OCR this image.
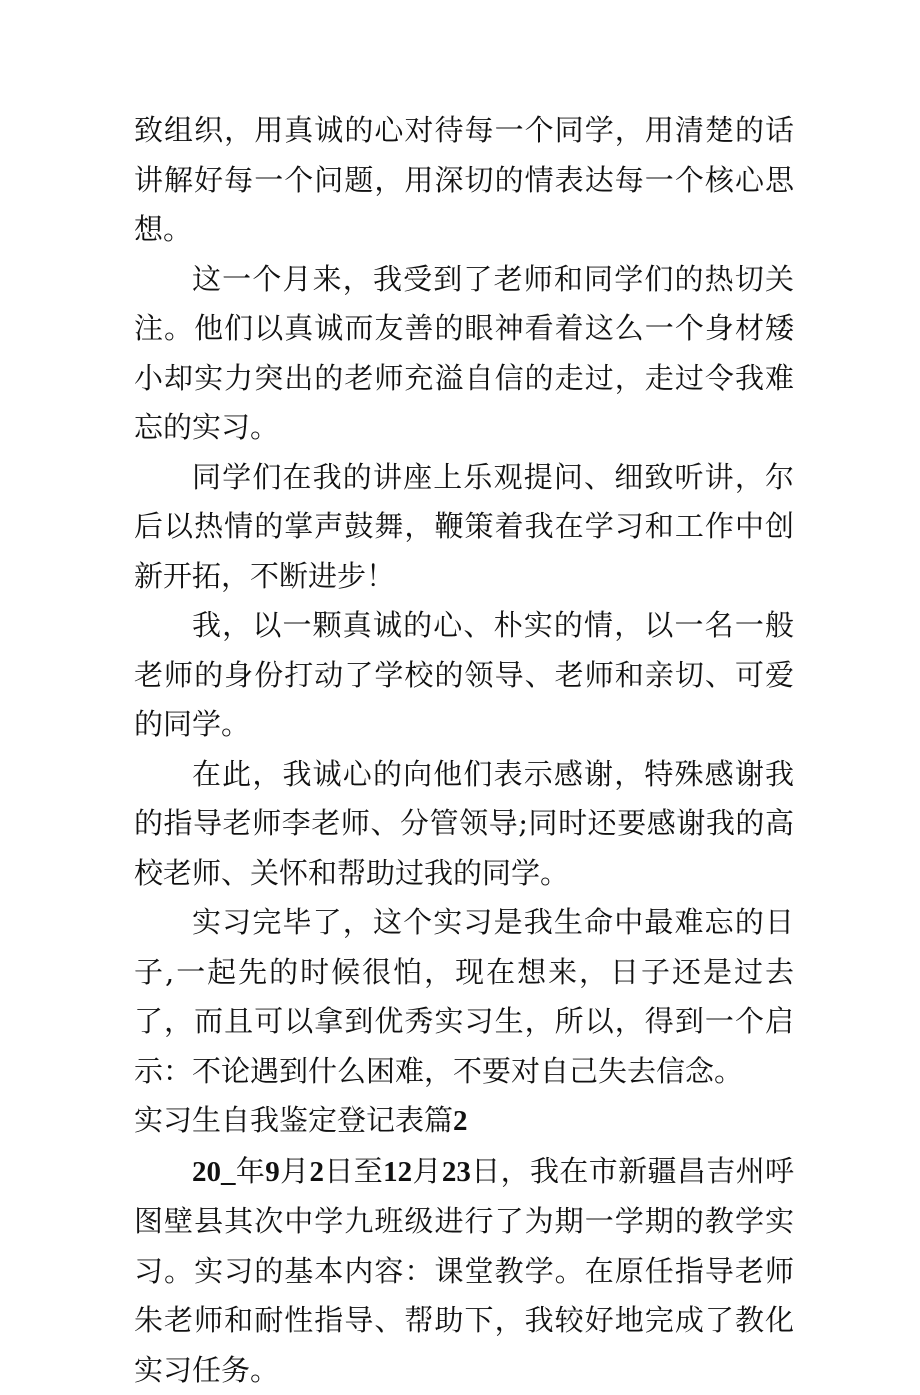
致组织，用真诚的心对待每一个同学，用清楚的话讲解好每一个问题，用深切的情表达每一个核心思想。

这一个月来，我受到了老师和同学们的热切关注。他们以真诚而友善的眼神看着这么一个身材矮小却实力突出的老师充溢自信的走过，走过令我难忘的实习。

同学们在我的讲座上乐观提问、细致听讲，尔后以热情的掌声鼓舞，鞭策着我在学习和工作中创新开拓，不断进步！

我，以一颗真诚的心、朴实的情，以一名一般老师的身份打动了学校的领导、老师和亲切、可爱的同学。

在此，我诚心的向他们表示感谢，特殊感谢我的指导老师李老师、分管领导;同时还要感谢我的高校老师、关怀和帮助过我的同学。

实习完毕了，这个实习是我生命中最难忘的日子,一起先的时候很怕，现在想来，日子还是过去了，而且可以拿到优秀实习生，所以，得到一个启示：不论遇到什么困难，不要对自己失去信念。

实习生自我鉴定登记表篇2

20_年9月2日至12月23日，我在市新疆昌吉州呼图壁县其次中学九班级进行了为期一学期的教学实习。实习的基本内容：课堂教学。在原任指导老师朱老师和耐性指导、帮助下，我较好地完成了教化实习任务。
